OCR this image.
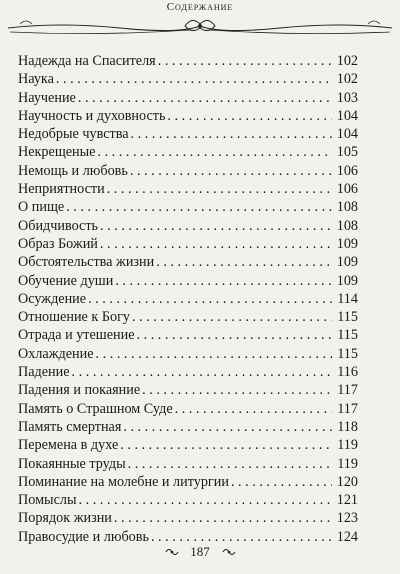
Содержание
Надежда на Спасителя . . .	102
Наука . . .	102
Научение . . .	103
Научность и духовность . . .	104
Недобрые чувства . . .	104
Некрещеные . . .	105
Немощь и любовь . . .	106
Неприятности . . .	106
О пище . . .	108
Обидчивость . . .	108
Образ Божий . . .	109
Обстоятельства жизни . . .	109
Обучение души . . .	109
Осуждение . . .	114
Отношение к Богу . . .	115
Отрада и утешение . . .	115
Охлаждение . . .	115
Падение . . .	116
Падения и покаяние . . .	117
Память о Страшном Суде . . .	117
Память смертная . . .	118
Перемена в духе . . .	119
Покаянные труды . . .	119
Поминание на молебне и литургии . . .	120
Помыслы . . .	121
Порядок жизни . . .	123
Правосудие и любовь . . .	124
187
